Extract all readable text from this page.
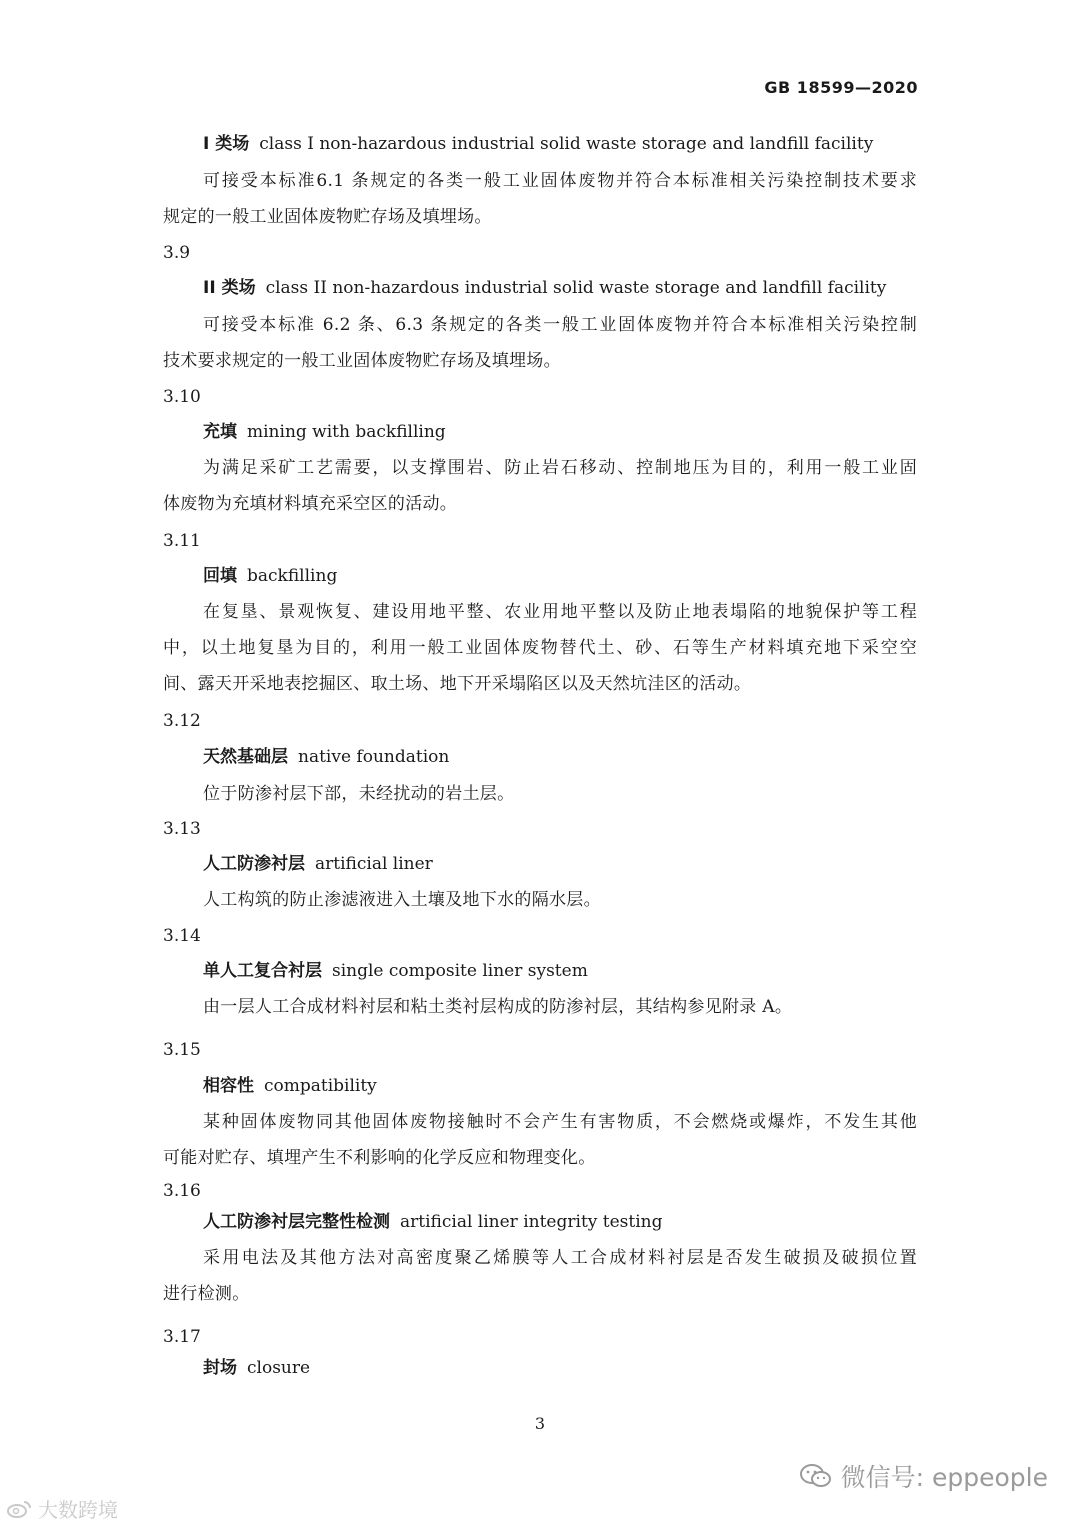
GB 18599—2020
I 类场 class I non-hazardous industrial solid waste storage and landfill facility
可接受本标准6.1 条规定的各类一般工业固体废物并符合本标准相关污染控制技术要求
规定的一般工业固体废物贮存场及填埋场。
3.9
II 类场 class II non-hazardous industrial solid waste storage and landfill facility
可接受本标准 6.2 条、6.3 条规定的各类一般工业固体废物并符合本标准相关污染控制
技术要求规定的一般工业固体废物贮存场及填埋场。
3.10
充填 mining with backfilling
为满足采矿工艺需要，以支撑围岩、防止岩石移动、控制地压为目的，利用一般工业固
体废物为充填材料填充采空区的活动。
3.11
回填 backfilling
在复垦、景观恢复、建设用地平整、农业用地平整以及防止地表塌陷的地貌保护等工程
中，以土地复垦为目的，利用一般工业固体废物替代土、砂、石等生产材料填充地下采空空
间、露天开采地表挖掘区、取土场、地下开采塌陷区以及天然坑洼区的活动。
3.12
天然基础层 native foundation
位于防渗衬层下部，未经扰动的岩土层。
3.13
人工防渗衬层 artificial liner
人工构筑的防止渗滤液进入土壤及地下水的隔水层。
3.14
单人工复合衬层 single composite liner system
由一层人工合成材料衬层和粘土类衬层构成的防渗衬层，其结构参见附录 A。
3.15
相容性 compatibility
某种固体废物同其他固体废物接触时不会产生有害物质，不会燃烧或爆炸，不发生其他
可能对贮存、填埋产生不利影响的化学反应和物理变化。
3.16
人工防渗衬层完整性检测 artificial liner integrity testing
采用电法及其他方法对高密度聚乙烯膜等人工合成材料衬层是否发生破损及破损位置
进行检测。
3.17
封场 closure
3
微信号: eppeople
大数跨境
